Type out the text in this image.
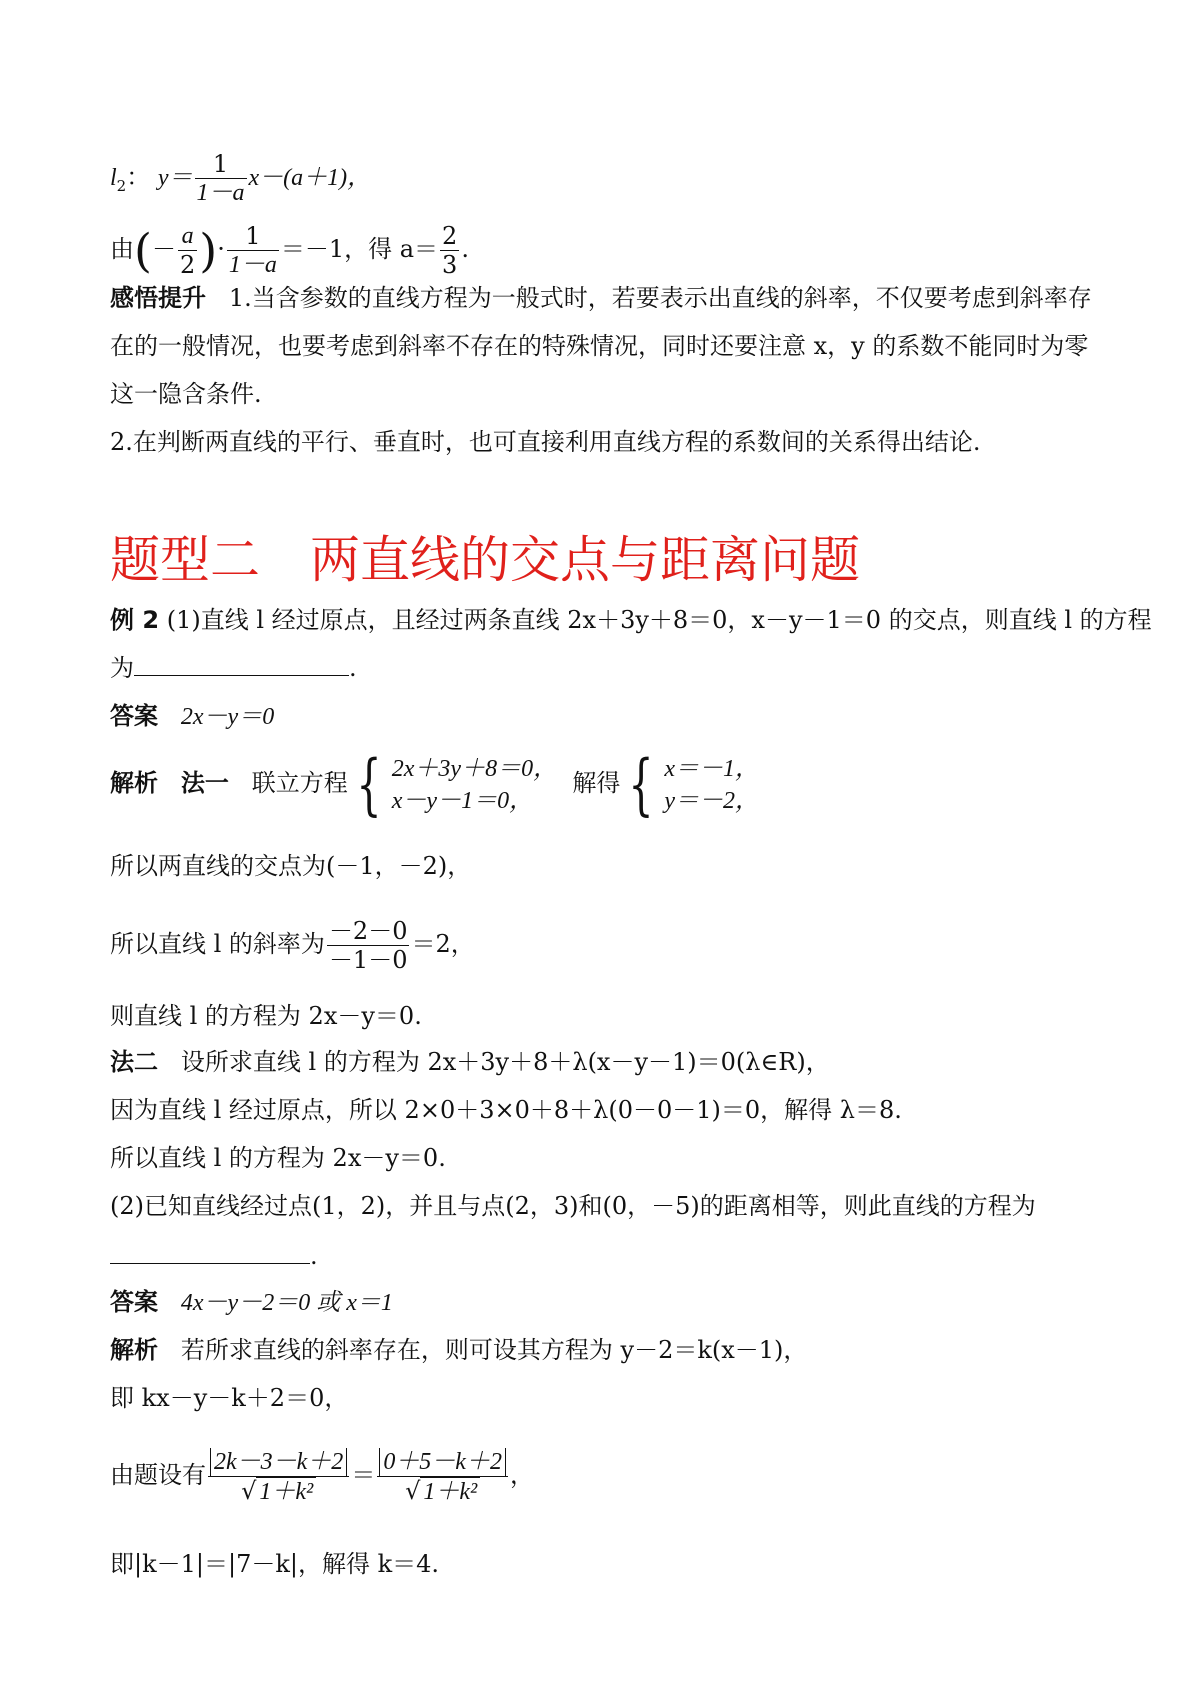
$l_2$： $y= \frac{1}{1-a} x-(a+1)$，
由(－ $\frac{a}{2}$ )· $\frac{1}{1-a} =-1$，得 $a= \frac{2}{3}$ .
感悟提升 1.当含参数的直线方程为一般式时，若要表示出直线的斜率，不仅要考虑到斜率存
在的一般情况，也要考虑到斜率不存在的特殊情况，同时还要注意 x，y 的系数不能同时为零
这一隐含条件.
2.在判断两直线的平行、垂直时，也可直接利用直线方程的系数间的关系得出结论.
题型二　两直线的交点与距离问题
例 2 (1)直线 l 经过原点，且经过两条直线 2x＋3y＋8＝0，x－y－1＝0 的交点，则直线 l 的方程
为	.
答案 2x－y＝0
解析 法一 联立方程 { 2x＋3y＋8＝0，
x－y－1＝0，
解得 { x＝－1，
y＝－2，
所以两直线的交点为(－1，－2)，
所以直线 l 的斜率为 $\frac{-2-0}{-1-0} =2$，
则直线 l 的方程为 2x－y＝0.
法二 设所求直线 l 的方程为 2x＋3y＋8＋λ(x－y－1)＝0(λ∈R)，
因为直线 l 经过原点，所以 2×0＋3×0＋8＋λ(0－0－1)＝0，解得 λ＝8.
所以直线 l 的方程为 2x－y＝0.
(2)已知直线经过点(1，2)，并且与点(2，3)和(0，－5)的距离相等，则此直线的方程为
.
答案 4x－y－2＝0 或 x＝1
解析 若所求直线的斜率存在，则可设其方程为 y－2＝k(x－1)，
即 kx－y－k＋2＝0，
由题设有 $\frac{2k-3-k+2}{\text{√ 1＋k²}} = \frac{0+5-k+2}{\text{√ 1＋k²}}$ ，
即|k－1|＝|7－k|，解得 k＝4.
